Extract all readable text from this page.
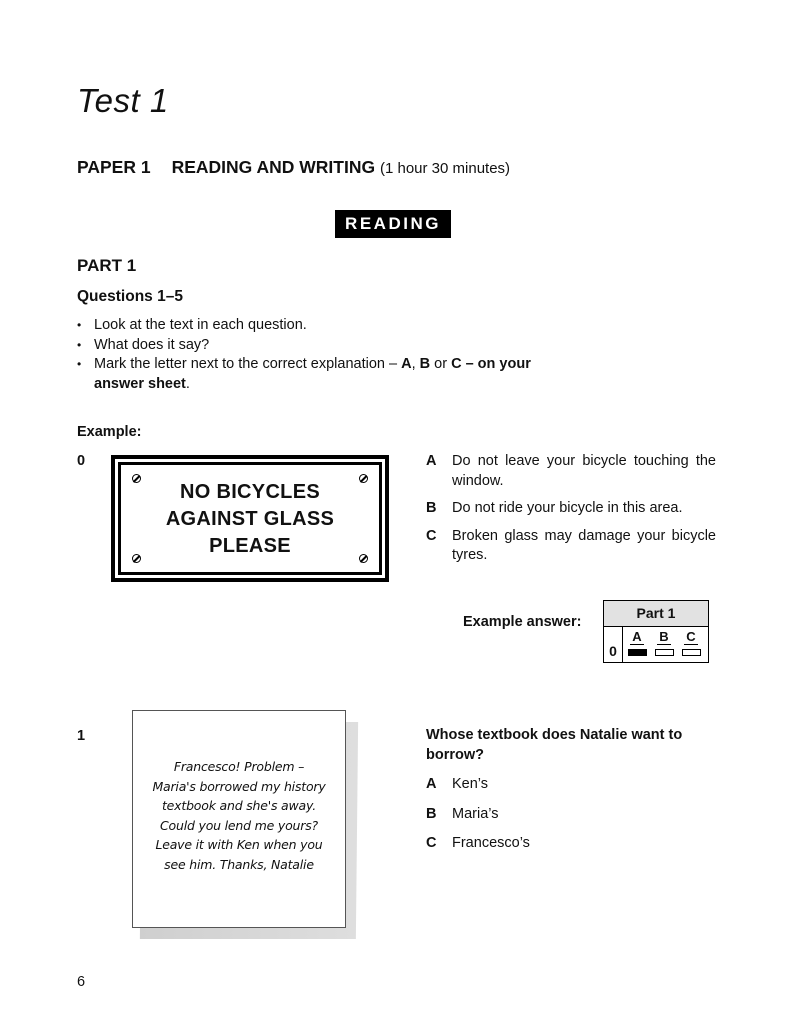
Test 1
PAPER 1 READING AND WRITING (1 hour 30 minutes)
READING
PART 1
Questions 1–5
• Look at the text in each question.
• What does it say?
• Mark the letter next to the correct explanation – A, B or C – on your answer sheet.
Example:
0
NO BICYCLES
AGAINST GLASS
PLEASE
A Do not leave your bicycle touching the window.
B Do not ride your bicycle in this area.
C Broken glass may damage your bicycle tyres.
Example answer:
Part 1
0
A	B	C
1
Francesco! Problem –
Maria's borrowed my history
textbook and she's away.
Could you lend me yours?
Leave it with Ken when you
see him. Thanks, Natalie
Whose textbook does Natalie want to borrow?
A Ken’s
B Maria’s
C Francesco’s
6
